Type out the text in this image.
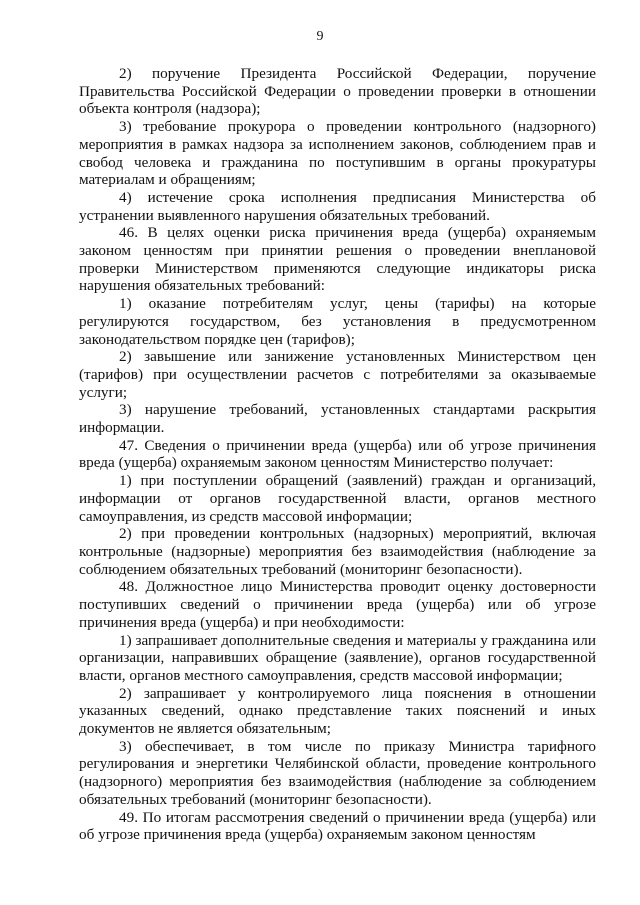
9

2) поручение Президента Российской Федерации, поручение Правительства Российской Федерации о проведении проверки в отношении объекта контроля (надзора);

3) требование прокурора о проведении контрольного (надзорного) мероприятия в рамках надзора за исполнением законов, соблюдением прав и свобод человека и гражданина по поступившим в органы прокуратуры материалам и обращениям;

4) истечение срока исполнения предписания Министерства об устранении выявленного нарушения обязательных требований.

46. В целях оценки риска причинения вреда (ущерба) охраняемым законом ценностям при принятии решения о проведении внеплановой проверки Министерством применяются следующие индикаторы риска нарушения обязательных требований:

1) оказание потребителям услуг, цены (тарифы) на которые регулируются государством, без установления в предусмотренном законодательством порядке цен (тарифов);

2) завышение или занижение установленных Министерством цен (тарифов) при осуществлении расчетов с потребителями за оказываемые услуги;

3) нарушение требований, установленных стандартами раскрытия информации.

47. Сведения о причинении вреда (ущерба) или об угрозе причинения вреда (ущерба) охраняемым законом ценностям Министерство получает:

1) при поступлении обращений (заявлений) граждан и организаций, информации от органов государственной власти, органов местного самоуправления, из средств массовой информации;

2) при проведении контрольных (надзорных) мероприятий, включая контрольные (надзорные) мероприятия без взаимодействия (наблюдение за соблюдением обязательных требований (мониторинг безопасности).

48. Должностное лицо Министерства проводит оценку достоверности поступивших сведений о причинении вреда (ущерба) или об угрозе причинения вреда (ущерба) и при необходимости:

1) запрашивает дополнительные сведения и материалы у гражданина или организации, направивших обращение (заявление), органов государственной власти, органов местного самоуправления, средств массовой информации;

2) запрашивает у контролируемого лица пояснения в отношении указанных сведений, однако представление таких пояснений и иных документов не является обязательным;

3) обеспечивает, в том числе по приказу Министра тарифного регулирования и энергетики Челябинской области, проведение контрольного (надзорного) мероприятия без взаимодействия (наблюдение за соблюдением обязательных требований (мониторинг безопасности).

49. По итогам рассмотрения сведений о причинении вреда (ущерба) или об угрозе причинения вреда (ущерба) охраняемым законом ценностям
